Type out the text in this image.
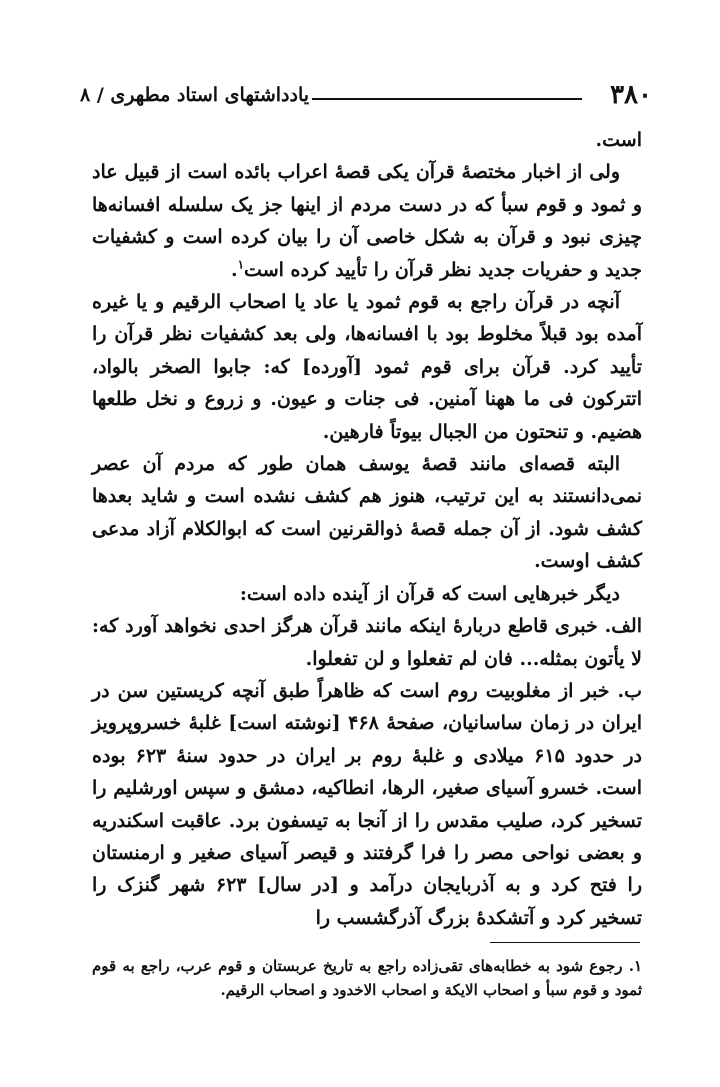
۳۸۰
یادداشتهای استاد مطهری / ۸

است.

ولی از اخبار مختصهٔ قرآن یکی قصهٔ اعراب بائده است از قبیل عاد و ثمود و قوم سبأ که در دست مردم از اینها جز یک سلسله افسانه‌ها چیزی نبود و قرآن به شکل خاصی آن را بیان کرده است و کشفیات جدید و حفریات جدید نظر قرآن را تأیید کرده است$^۱$.

آنچه در قرآن راجع به قوم ثمود یا عاد یا اصحاب الرقیم و یا غیره آمده بود قبلاً مخلوط بود با افسانه‌ها، ولی بعد کشفیات نظر قرآن را تأیید کرد. قرآن برای قوم ثمود [آورده] که: جابوا الصخر بالواد، اتترکون فی ما ههنا آمنین. فی جنات و عیون. و زروع و نخل طلعها هضیم. و تنحتون من الجبال بیوتاً فارهین.

البته قصه‌ای مانند قصهٔ یوسف همان طور که مردم آن عصر نمی‌دانستند به این ترتیب، هنوز هم کشف نشده است و شاید بعدها کشف شود. از آن جمله قصهٔ ذوالقرنین است که ابوالکلام آزاد مدعی کشف اوست.

دیگر خبرهایی است که قرآن از آینده داده است:

الف. خبری قاطع دربارهٔ اینکه مانند قرآن هرگز احدی نخواهد آورد که: لا یأتون بمثله... فان لم تفعلوا و لن تفعلوا.

ب. خبر از مغلوبیت روم است که ظاهراً طبق آنچه کریستین سن در ایران در زمان ساسانیان، صفحهٔ ۴۶۸ [نوشته است] غلبهٔ خسروپرویز در حدود ۶۱۵ میلادی و غلبهٔ روم بر ایران در حدود سنهٔ ۶۲۳ بوده است. خسرو آسیای صغیر، الرها، انطاکیه، دمشق و سپس اورشلیم را تسخیر کرد، صلیب مقدس را از آنجا به تیسفون برد. عاقبت اسکندریه و بعضی نواحی مصر را فرا گرفتند و قیصر آسیای صغیر و ارمنستان را فتح کرد و به آذربایجان درآمد و [در سال] ۶۲۳ شهر گنزک را تسخیر کرد و آتشکدهٔ بزرگ آذرگشسب را

۱. رجوع شود به خطابه‌های تقی‌زاده راجع به تاریخ عربستان و قوم عرب، راجع به قوم ثمود و قوم سبأ و اصحاب الایکة و اصحاب الاخدود و اصحاب الرقیم.
